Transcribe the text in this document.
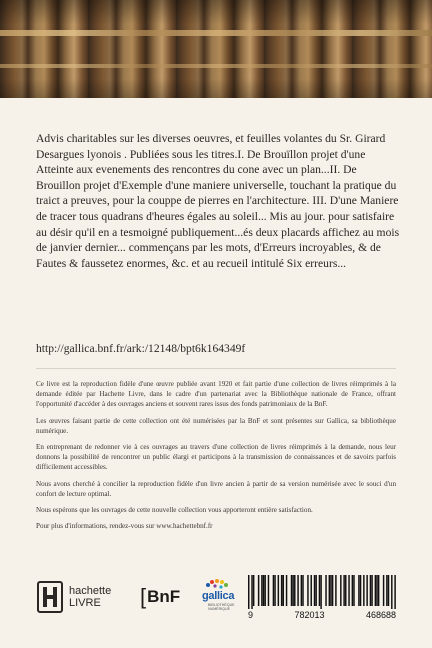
Advis charitables sur les diverses oeuvres, et feuilles volantes du Sr. Girard Desargues lyonois . Publiées sous les titres.I. De Brouïllon projet d'une Atteinte aux evenements des rencontres du cone avec un plan...II. De Brouillon projet d'Exemple d'une maniere universelle, touchant la pratique du traict a preuves, pour la couppe de pierres en l'architecture. III. D'une Maniere de tracer tous quadrans d'heures égales au soleil... Mis au jour. pour satisfaire au désir qu'il en a tesmoigné publiquement...és deux placards affichez au mois de janvier dernier... commençans par les mots, d'Erreurs incroyables, & de Fautes & faussetez enormes, &c. et au recueil intitulé Six erreurs...

http://gallica.bnf.fr/ark:/12148/bpt6k164349f

Ce livre est la reproduction fidèle d'une œuvre publiée avant 1920 et fait partie d'une collection de livres réimprimés à la demande éditée par Hachette Livre, dans le cadre d'un partenariat avec la Bibliothèque nationale de France, offrant l'opportunité d'accéder à des ouvrages anciens et souvent rares issus des fonds patrimoniaux de la BnF.

Les œuvres faisant partie de cette collection ont été numérisées par la BnF et sont présentes sur Gallica, sa bibliothèque numérique.

En entreprenant de redonner vie à ces ouvrages au travers d'une collection de livres réimprimés à la demande, nous leur donnons la possibilité de rencontrer un public élargi et participons à la transmission de connaissances et de savoirs parfois difficilement accessibles.

Nous avons cherché à concilier la reproduction fidèle d'un livre ancien à partir de sa version numérisée avec le souci d'un confort de lecture optimal.

Nous espérons que les ouvrages de cette nouvelle collection vous apporteront entière satisfaction.

Pour plus d'informations, rendez-vous sur www.hachettebnf.fr

hachette
LIVRE	[ BnF gallica
BIBLIOTHÈQUE
NUMÉRIQUE
9	782013	468688
